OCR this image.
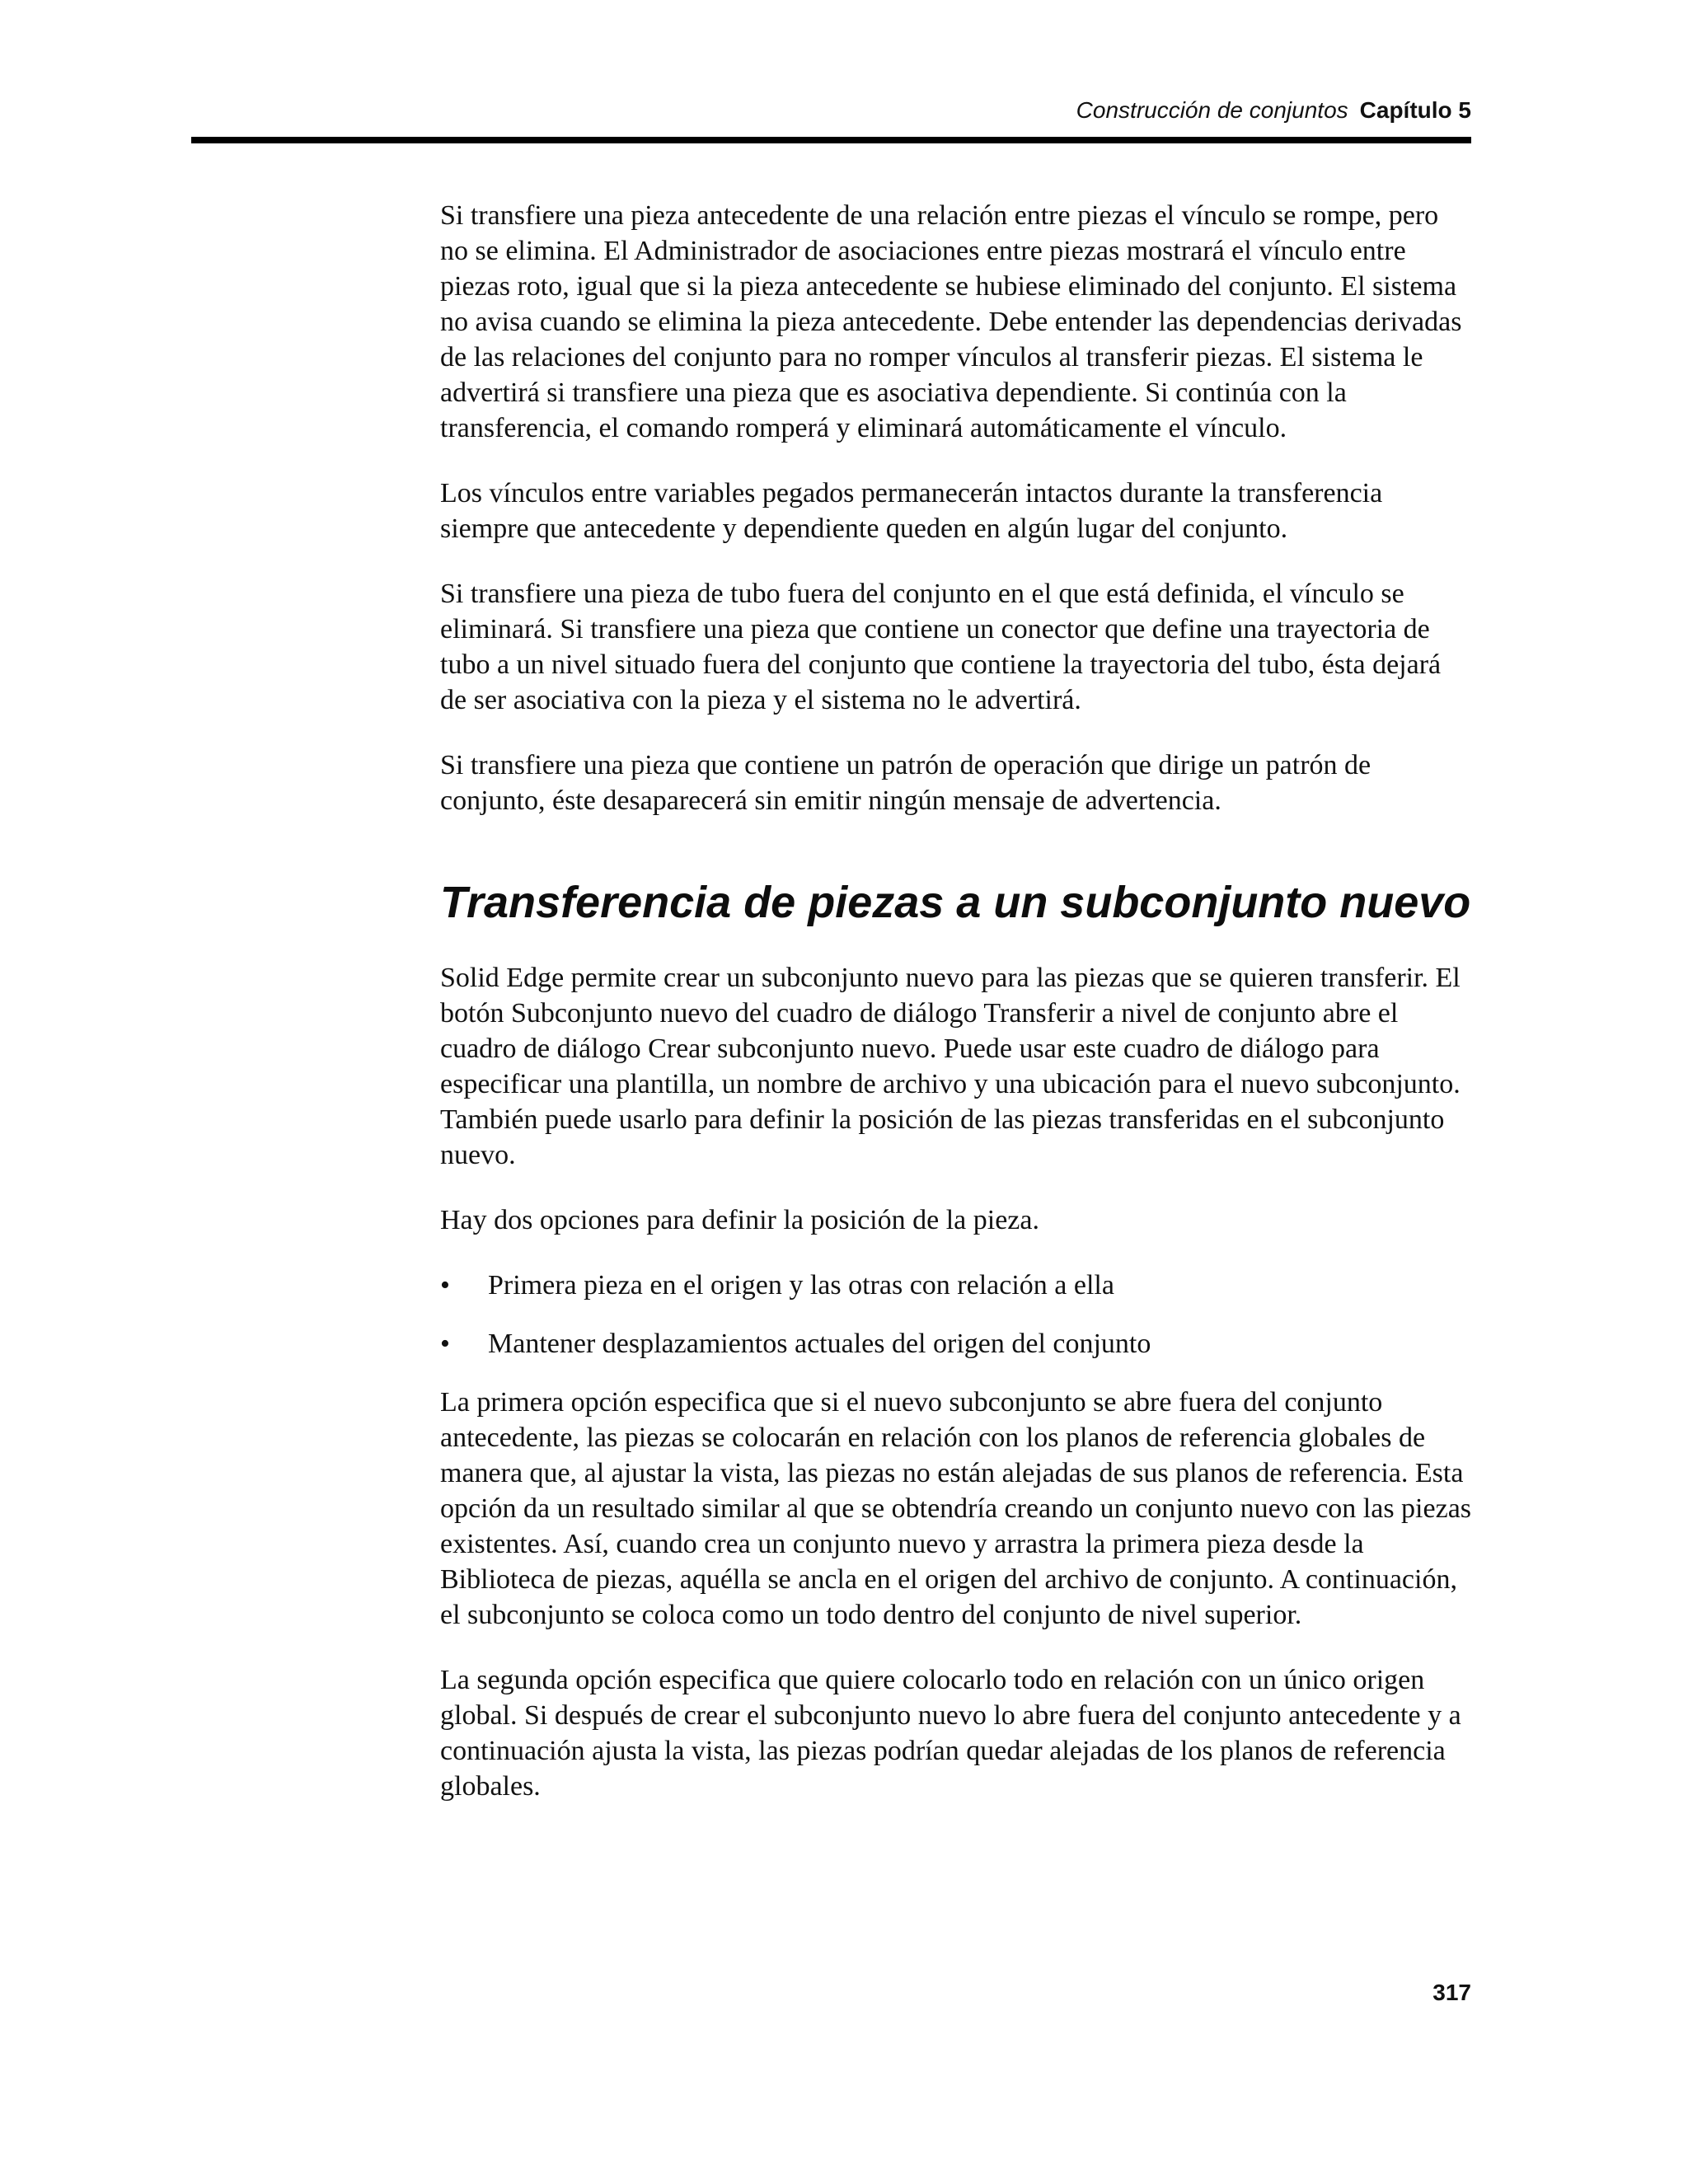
Construcción de conjuntos Capítulo 5

Si transfiere una pieza antecedente de una relación entre piezas el vínculo se rompe, pero no se elimina. El Administrador de asociaciones entre piezas mostrará el vínculo entre piezas roto, igual que si la pieza antecedente se hubiese eliminado del conjunto. El sistema no avisa cuando se elimina la pieza antecedente. Debe entender las dependencias derivadas de las relaciones del conjunto para no romper vínculos al transferir piezas. El sistema le advertirá si transfiere una pieza que es asociativa dependiente. Si continúa con la transferencia, el comando romperá y eliminará automáticamente el vínculo.

Los vínculos entre variables pegados permanecerán intactos durante la transferencia siempre que antecedente y dependiente queden en algún lugar del conjunto.

Si transfiere una pieza de tubo fuera del conjunto en el que está definida, el vínculo se eliminará. Si transfiere una pieza que contiene un conector que define una trayectoria de tubo a un nivel situado fuera del conjunto que contiene la trayectoria del tubo, ésta dejará de ser asociativa con la pieza y el sistema no le advertirá.

Si transfiere una pieza que contiene un patrón de operación que dirige un patrón de conjunto, éste desaparecerá sin emitir ningún mensaje de advertencia.

Transferencia de piezas a un subconjunto nuevo

Solid Edge permite crear un subconjunto nuevo para las piezas que se quieren transferir. El botón Subconjunto nuevo del cuadro de diálogo Transferir a nivel de conjunto abre el cuadro de diálogo Crear subconjunto nuevo. Puede usar este cuadro de diálogo para especificar una plantilla, un nombre de archivo y una ubicación para el nuevo subconjunto. También puede usarlo para definir la posición de las piezas transferidas en el subconjunto nuevo.

Hay dos opciones para definir la posición de la pieza.

• Primera pieza en el origen y las otras con relación a ella
• Mantener desplazamientos actuales del origen del conjunto

La primera opción especifica que si el nuevo subconjunto se abre fuera del conjunto antecedente, las piezas se colocarán en relación con los planos de referencia globales de manera que, al ajustar la vista, las piezas no están alejadas de sus planos de referencia. Esta opción da un resultado similar al que se obtendría creando un conjunto nuevo con las piezas existentes. Así, cuando crea un conjunto nuevo y arrastra la primera pieza desde la Biblioteca de piezas, aquélla se ancla en el origen del archivo de conjunto. A continuación, el subconjunto se coloca como un todo dentro del conjunto de nivel superior.

La segunda opción especifica que quiere colocarlo todo en relación con un único origen global. Si después de crear el subconjunto nuevo lo abre fuera del conjunto antecedente y a continuación ajusta la vista, las piezas podrían quedar alejadas de los planos de referencia globales.

317
